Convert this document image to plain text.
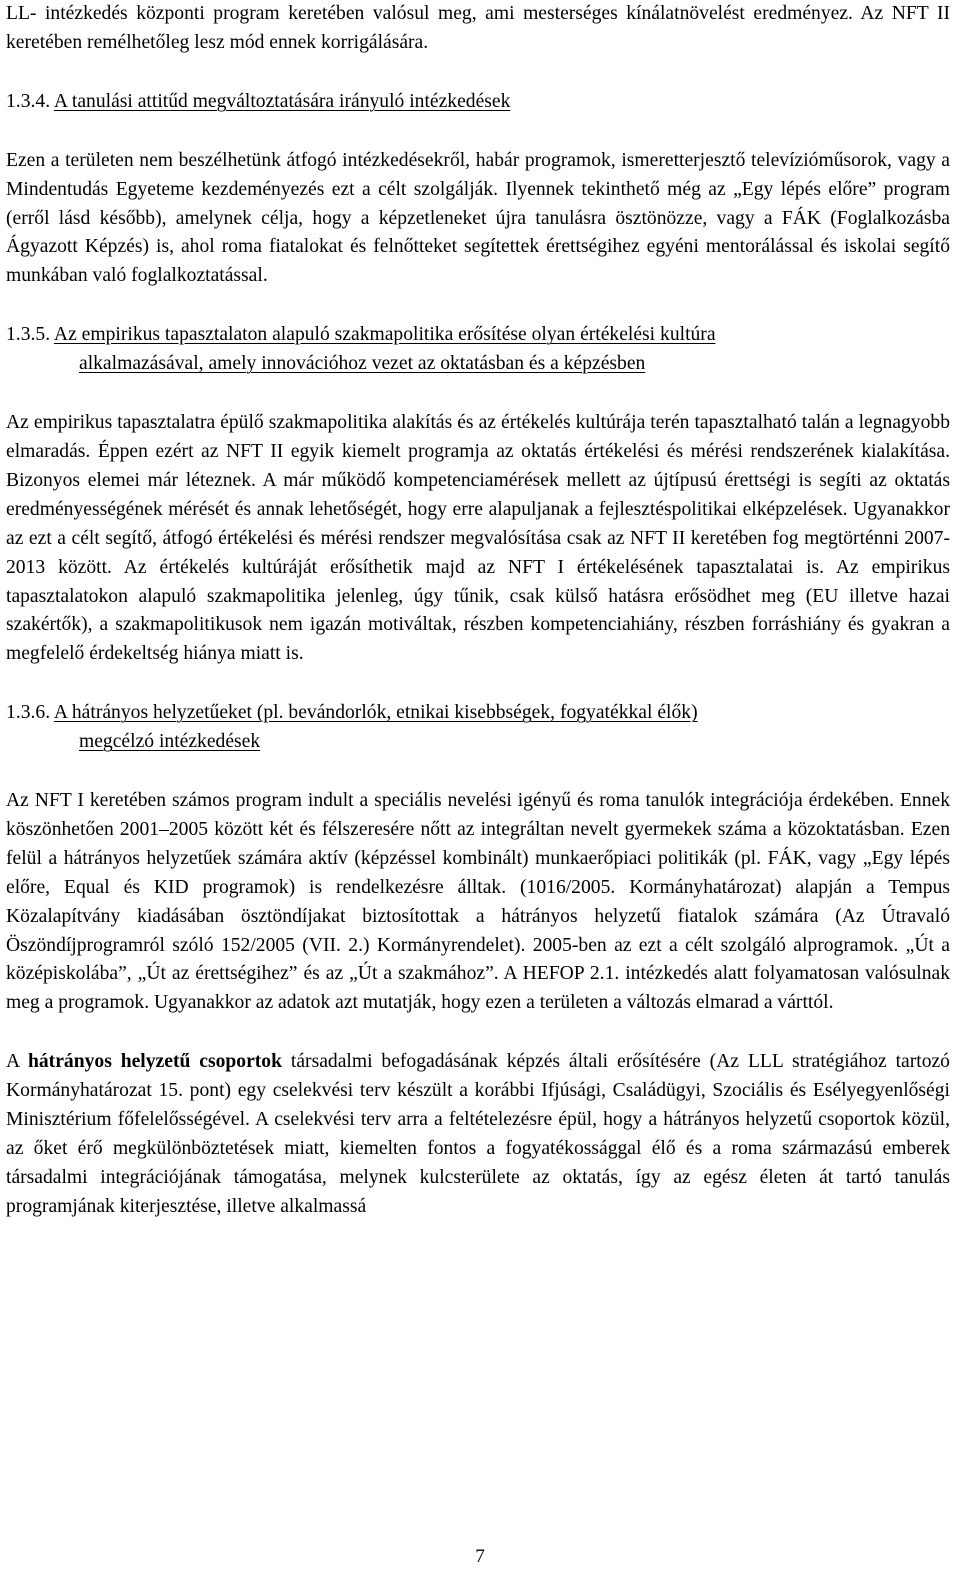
LL- intézkedés központi program keretében valósul meg, ami mesterséges kínálatnövelést eredményez. Az NFT II keretében remélhetőleg lesz mód ennek korrigálására.

1.3.4. A tanulási attitűd megváltoztatására irányuló intézkedések

Ezen a területen nem beszélhetünk átfogó intézkedésekről, habár programok, ismeretterjesztő televízióműsorok, vagy a Mindentudás Egyeteme kezdeményezés ezt a célt szolgálják. Ilyennek tekinthető még az „Egy lépés előre” program (erről lásd később), amelynek célja, hogy a képzetleneket újra tanulásra ösztönözze, vagy a FÁK (Foglalkozásba Ágyazott Képzés) is, ahol roma fiatalokat és felnőtteket segítettek érettségihez egyéni mentorálással és iskolai segítő munkában való foglalkoztatással.

1.3.5. Az empirikus tapasztalaton alapuló szakmapolitika erősítése olyan értékelési kultúra
alkalmazásával, amely innovációhoz vezet az oktatásban és a képzésben

Az empirikus tapasztalatra épülő szakmapolitika alakítás és az értékelés kultúrája terén tapasztalható talán a legnagyobb elmaradás. Éppen ezért az NFT II egyik kiemelt programja az oktatás értékelési és mérési rendszerének kialakítása. Bizonyos elemei már léteznek. A már működő kompetenciamérések mellett az újtípusú érettségi is segíti az oktatás eredményességének mérését és annak lehetőségét, hogy erre alapuljanak a fejlesztéspolitikai elképzelések. Ugyanakkor az ezt a célt segítő, átfogó értékelési és mérési rendszer megvalósítása csak az NFT II keretében fog megtörténni 2007-2013 között. Az értékelés kultúráját erősíthetik majd az NFT I értékelésének tapasztalatai is. Az empirikus tapasztalatokon alapuló szakmapolitika jelenleg, úgy tűnik, csak külső hatásra erősödhet meg (EU illetve hazai szakértők), a szakmapolitikusok nem igazán motiváltak, részben kompetenciahiány, részben forráshiány és gyakran a megfelelő érdekeltség hiánya miatt is.

1.3.6. A hátrányos helyzetűeket (pl. bevándorlók, etnikai kisebbségek, fogyatékkal élők)
megcélzó intézkedések

Az NFT I keretében számos program indult a speciális nevelési igényű és roma tanulók integrációja érdekében. Ennek köszönhetően 2001–2005 között két és félszeresére nőtt az integráltan nevelt gyermekek száma a közoktatásban. Ezen felül a hátrányos helyzetűek számára aktív (képzéssel kombinált) munkaerőpiaci politikák (pl. FÁK, vagy „Egy lépés előre, Equal és KID programok) is rendelkezésre álltak. (1016/2005. Kormányhatározat) alapján a Tempus Közalapítvány kiadásában ösztöndíjakat biztosítottak a hátrányos helyzetű fiatalok számára (Az Útravaló Öszöndíjprogramról szóló 152/2005 (VII. 2.) Kormányrendelet). 2005-ben az ezt a célt szolgáló alprogramok. „Út a középiskolába”, „Út az érettségihez” és az „Út a szakmához”. A HEFOP 2.1. intézkedés alatt folyamatosan valósulnak meg a programok. Ugyanakkor az adatok azt mutatják, hogy ezen a területen a változás elmarad a várttól.

A hátrányos helyzetű csoportok társadalmi befogadásának képzés általi erősítésére (Az LLL stratégiához tartozó Kormányhatározat 15. pont) egy cselekvési terv készült a korábbi Ifjúsági, Családügyi, Szociális és Esélyegyenlőségi Minisztérium főfelelősségével. A cselekvési terv arra a feltételezésre épül, hogy a hátrányos helyzetű csoportok közül, az őket érő megkülönböztetések miatt, kiemelten fontos a fogyatékossággal élő és a roma származású emberek társadalmi integrációjának támogatása, melynek kulcsterülete az oktatás, így az egész életen át tartó tanulás programjának kiterjesztése, illetve alkalmassá

7
